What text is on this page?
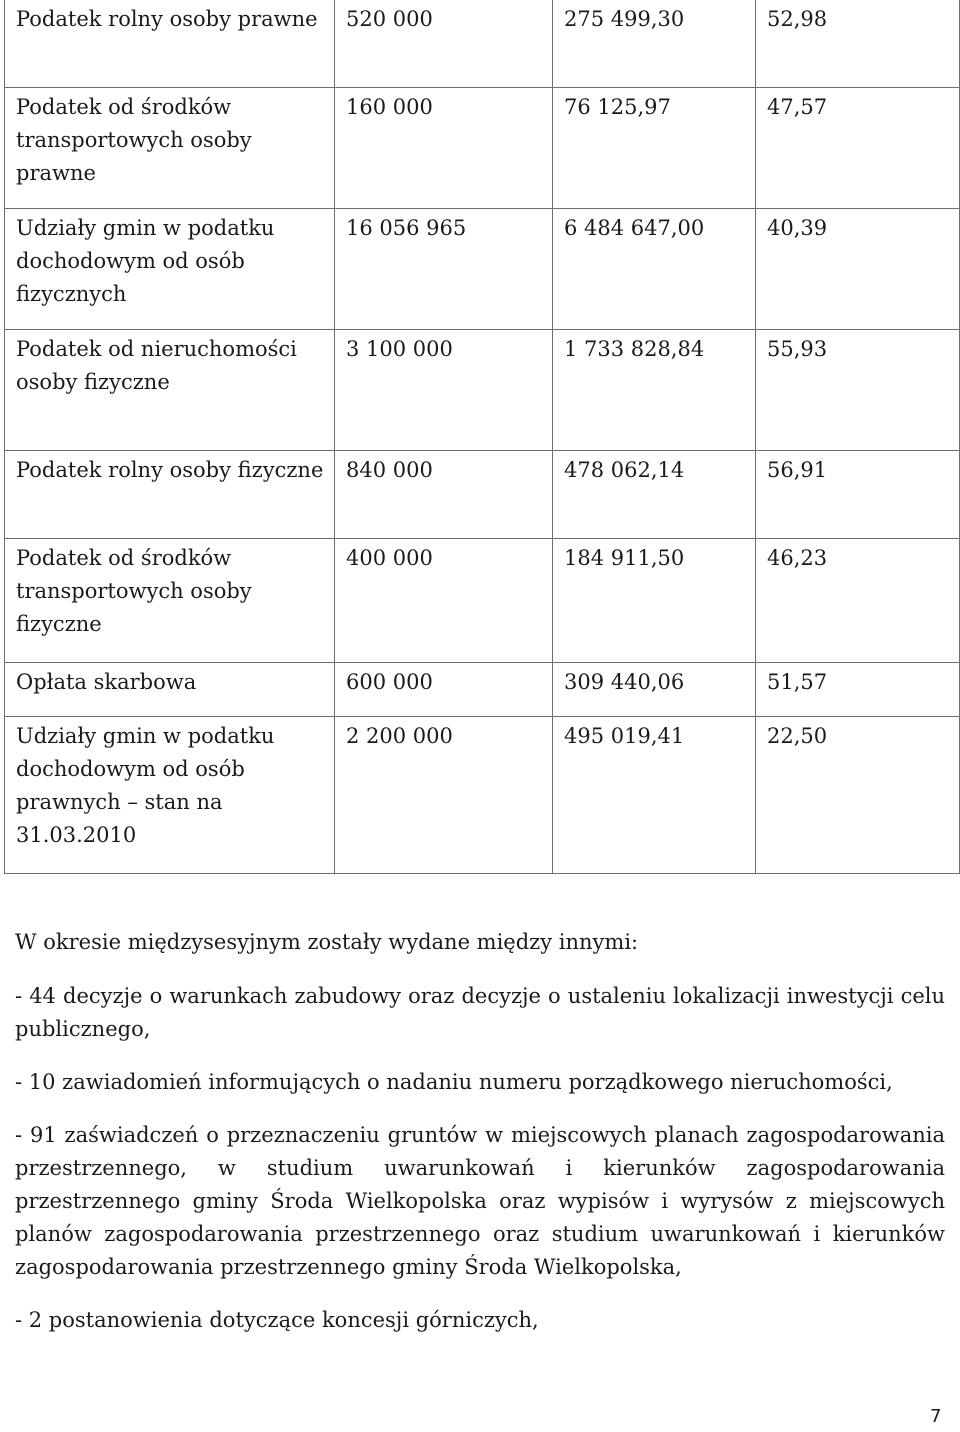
Podatek rolny osoby prawne	520 000	275 499,30	52,98
Podatek od środków transportowych osoby prawne	160 000	76 125,97	47,57
Udziały gmin w podatku dochodowym od osób fizycznych	16 056 965	6 484 647,00	40,39
Podatek od nieruchomości osoby fizyczne	3 100 000	1 733 828,84	55,93
Podatek rolny osoby fizyczne	840 000	478 062,14	56,91
Podatek od środków transportowych osoby fizyczne	400 000	184 911,50	46,23
Opłata skarbowa	600 000	309 440,06	51,57
Udziały gmin w podatku dochodowym od osób prawnych – stan na 31.03.2010	2 200 000	495 019,41	22,50

W okresie międzysesyjnym zostały wydane między innymi:

- 44 decyzje o warunkach zabudowy oraz decyzje o ustaleniu lokalizacji inwestycji celu publicznego,

- 10 zawiadomień informujących o nadaniu numeru porządkowego nieruchomości,

- 91 zaświadczeń o przeznaczeniu gruntów w miejscowych planach zagospodarowania przestrzennego, w studium uwarunkowań i kierunków zagospodarowania przestrzennego gminy Środa Wielkopolska oraz wypisów i wyrysów z miejscowych planów zagospodarowania przestrzennego oraz studium uwarunkowań i kierunków zagospodarowania przestrzennego gminy Środa Wielkopolska,

- 2 postanowienia dotyczące koncesji górniczych,

7
